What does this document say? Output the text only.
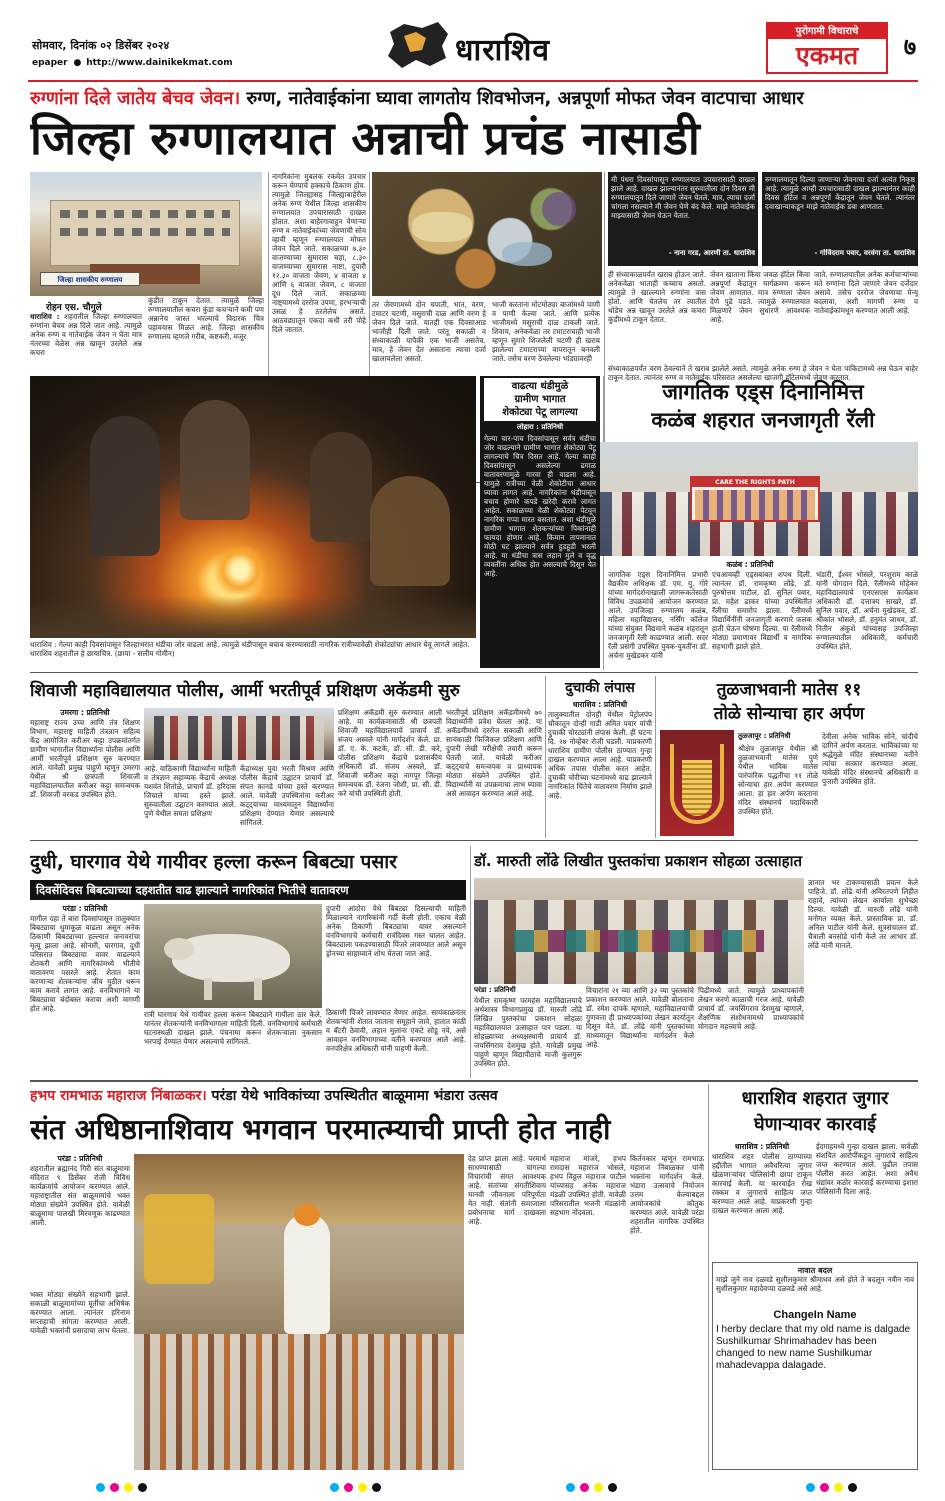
सोमवार, दिनांक ०२ डिसेंबर २०२४
epaper ● http://www.dainikekmat.com	धाराशिव
पुरोगामी विचाराचे
एकमत	७
रुग्णांना दिले जातेय बेचव जेवन। रुग्ण, नातेवाईकांना घ्यावा लागतोय शिवभोजन, अन्नपूर्णा मोफत जेवन वाटपाचा आधार
जिल्हा रुग्णालयात अन्नाची प्रचंड नासाडी
जिल्हा शासकीय रुग्णालय
नागरिकांना मुबलक रकमेत उपचार करून घेण्याचे हक्काचे ठिकाण होय. त्यामुळे जिल्ह्यासह जिल्ह्याबाहेरील अनेक रुग्ण येथील जिल्हा शासकीय रुग्णालयात उपचारासाठी दाखल होतात. अशा बाहेरगावाहून येणाऱ्या रुग्ण व नातेवाईकांच्या जेवणाची सोय व्हावी म्हणून रुग्णालयात मोफत जेवन दिले जाते. सकाळच्या ७.३० वाजण्याच्या सुमारास चहा, ८.३० वाजण्याच्या सुमारास नाष्टा, दुपारी १२.३० वाजता जेवण, ४ वाजता ४ आणि ६ वाजता जेवण, ८ वाजता दूध दिले जाते. सकाळच्या नाष्ट्यामध्ये दररोज उपमा, हरभऱ्याची उसळ हे ठरलेलेच असते. आठवड्यातून एकदा कधी तरी पोहे दिले जातात.
रोहन एस. चौगुले
धाराशिव : शहरातील जिल्हा रुग्णालयात रुग्णांना बेचव अन्न दिले जात आहे. त्यामुळे अनेक रुग्ण व नातेवाईक जेवन न घेता मात्र नंतरच्या वेळेस अन्न खावून उरलेले अन्न कचरा
कुंडीत टाकून देतात. त्यामुळे जिल्हा रुग्णालयातील कचरा कुंडा कचऱ्याने कमी पण अन्नानेच जास्त भरल्याचे विदारक चित्र पहावयास मिळत आहे. जिल्हा शासकीय रुग्णालय म्हणजे गरीब, कष्टकरी, मजूर
तर जेवणामध्ये दोन चपाती, भात, वरण, टमाटर चटणी, मसुराची दाळ आणि वरण हे जेवन दिले जाते. यातही एक दिवसाआड भाजीही दिली जाते. परंतू सकाळी व संध्याकाळी यापैकी एक भाजी असतेच. मात्र, हे जेवन देत असताना त्याचा दर्जा खालावलेला असतो.
भाजी करताना मोटमोठ्या बाजांमध्ये पाणी व पाणी केल्या जाते. आणि प्रत्येक भाजीमध्ये मसुराची दाळ टाकली जाते. शिवाय, अनेकवेळा तर टमाटराचाही भाजी म्हणून सुमारे शिजलेली चटणी ही खराब झालेल्या टमाटराच्या वापरातून बनवली जाते. तसेच वरण ठेवलेल्या भांड्यावरही
मी पंधरा दिवसांपासून रुग्णालयात उपचारासाठी दाखल झाले आहे. दाखल झाल्यानंतर सुरुवातीला दोन दिवस मी रुग्णालयातून दिले जाणारे जेवन घेतले. मात्र, त्याचा दर्जा चांगला नसल्याने मी जेवन घेणे बंद केले. माझे नातेवाईक माझ्यासाठी जेवन घेऊन येतात.
- नाना गरड, आरणी ता. धाराशिव
रुग्णालयातून दिल्या जाणाऱ्या जेवनाचा दर्जा अत्यंत निकृष्ठ आहे. त्यामुळे आम्ही उपचारासाठी दाखल झाल्यानंतर काही दिवस हॉटेल व अन्नपूर्णा केंद्रातून जेवन घेतले. त्यानंतर दवाखान्याकडून माझे नातेवाईक डबा आणतात.
- गोविंदराम पवार, वरवंगा ता. धाराशिव
ही संध्याकाळपर्यंत खराब होऊन जाते. अनेकवेळा भाताही कच्चाच असतो. त्यामुळे ते खाल्ल्याने रुग्णांना त्रास होतो. आणि घेतलेच तर त्यातील थोडेच अन्न खावून उरलेले अन्न कचरा कुंडीमध्ये टाकून देतात.
जेवन खाताना किंवा जवळ हॉटेल किंवा अन्नपूर्णा केंद्रातून मार्गक्रमण करून जेवण आणतात. मात्र रुग्णाला जेवन देणे पुढे पडते. त्यामुळे रुग्णालयात मिळणारे जेवन सुधारणे आवश्यक आहे.
जाते. रुग्णालयातील अनेक कर्मचाऱ्यांच्या मते रुग्णांना दिले जाणारे जेवन दर्जेदार असावे. तसेच दररोज जेवणाचा मेन्यू बदलावा, अशी मागणी रुग्ण व नातेवाईकांमधून करण्यात आली आहे.
संध्याकाळपर्यंत वरण ठेवल्याने ते खराब झालेले असते. त्यामुळे अनेक रुग्ण हे जेवन न घेता पाकिटामध्ये अन्न घेऊन बाहेर टाकून देतात. त्यानंतर रुग्ण व नातेवाईक परिसरात असलेल्या खाजगी हॉटेलमध्ये जेवण करतात.
धाराशिव : गेल्या काही दिवसांपासून जिल्हाभरात थंडीचा जोर वाढला आहे. त्यामुळे थंडीपासून बचाव करण्यासाठी नागरिक रात्रीच्यावेळी शेकोट्यांचा आधार घेवू लागले आहेत. धाराशिव शहरातील हे छायाचित्र. (छाया - सलीम गोमीन)
वाढत्या थंडीमुळे
ग्रामीण भागात
शेकोट्या पेटू लागल्या
लोहारा : प्रतिनिधी
गेल्या चार-पाच दिवसांपासून सर्वत्र थंडीचा जोर वाढल्याने ग्रामीण भागात शेकोट्या पेटू लागल्याचे चित्र दिसत आहे. गेल्या काही दिवसांपासून असलेल्या ढगाळ वातावरणामुळे गारवा ही वाढला आहे. यामुळे रात्रीच्या वेळी शेकोटीचा आधार घ्यावा लागत आहे. नागरिकांना थंडीपासून बचाव होणारे कपडे खरेदी करावे लागत आहेत. सकाळच्या वेळी शेकोट्या पेटवून नागरिक गप्पा मारत बसतात. अशा थंडीमुळे ग्रामीण भागात शेतकऱ्यांच्या पिकांनाही फायदा होणार आहे. किमान तापमानात मोठी घट झाल्याने सर्वत्र हुडहुडी भरली आहे. या थंडीचा त्रास लहान मुले व वृद्ध व्यक्तींना अधिक होत असल्याचे दिसून येत आहे.
जागतिक एड्स दिनानिमित्त
कळंब शहरात जनजागृती रॅली
CARE THE RIGHTS PATH
कळंब : प्रतिनिधी
जागतिक एड्स दिनानिमित्त प्रभारी वैद्यकीय अधिक्षक डॉ. एम. यु. गोरे यांच्या मार्गदर्शनाखाली जागरूकतेसाठी विविध उपक्रमांचे आयोजन करण्यात आले. उपजिल्हा रुग्णालय कळंब, महिला महाविद्यालय, नर्सिंग कॉलेज यांच्या संयुक्त विद्यमाने कळंब शहरातून जनजागृती रॅली काढण्यात आली. सदर रॅली प्रसंगी उपस्थित युवक-युवतींना डॉ. अर्चना मुखेडकर यांनी
एचआयव्ही एड्सबाबत शपथ दिली. त्यानंतर डॉ. रामकृष्ण लोंढे, डॉ. पुरुषोत्तम पाटील, डॉ. सुनिल पवार, प्रा. महेश ढाकर यांच्या उपस्थितीत रॅलीचा समारोप झाला. रॅलीमध्ये विद्यार्थिनींनी जनजागृती करणारे फलक हाती घेऊन घोषणा दिल्या. या रॅलीमध्ये मोठ्या प्रमाणावर विद्यार्थी व नागरिक सहभागी झाले होते.
भंडारी, ईश्वर भोसले, परशुराम काळे यांनी योगदान दिले. रॅलीमध्ये मोहेकर महाविद्यालयाचे एनएसएस कार्यक्रम अधिकारी डॉ. दत्तात्रय साखरे, डॉ. सुनिल पवार, डॉ. अर्चना मुखेडकर, डॉ. श्रीकांत भोसले, डॉ. हनुमंत जाधव, डॉ. नितीन अंकुशे यांच्यासह उपजिल्हा रुग्णालयातील अधिकारी, कर्मचारी उपस्थित होते.
शिवाजी महाविद्यालयात पोलीस, आर्मी भरतीपूर्व प्रशिक्षण अकॅडमी सुरु
उमरगा : प्रतिनिधी
महाराष्ट्र राज्य उच्च आणि तंत्र शिक्षण विभाग, महाराष्ट्र माहिती तंत्रज्ञान सहित्य केंद्र आयोजित करीअर कट्टा उपक्रमांतर्गत ग्रामीण भागातील विद्यार्थ्यांना पोलीस आणि आर्मी भरतीपूर्व प्रशिक्षण सुरु करण्यात आले. यावेळी प्रमुख पाहुणे म्हणून उमरगा येथील श्री छत्रपती शिवाजी महाविद्यालयातील करीअर कट्टा समन्वयक डॉ. शिवाजी वरकड उपस्थित होते.
आहे. याठिकाणी विद्यार्थ्यांना माहिती व तंत्रज्ञान सहाय्यक केंद्राचे अध्यक्ष यशवंत शितोळे, प्राचार्य डॉ. हरिदास जिचाले यांच्या हस्ते झाले. सुरुवातीला उद्घाटन करण्यात आले. पुणे येथील समता प्रशिक्षण
केंद्राध्यक्ष युवा भरती मिश्रण आणि पोलीस केंद्राचे उद्घाटन प्राचार्य डॉ. संपत कानडे यांच्या हस्ते करण्यात आले. यावेळी उपस्थितांना करीअर कट्ट्याच्या माध्यमातून विद्यार्थ्यांना प्रशिक्षण देण्यात येणार असल्याचे सांगितले.
प्रशिक्षण अकॅडमी सुरु करण्यात आली आहे. या कार्यक्रमासाठी श्री छत्रपती शिवाजी महाविद्यालयाचे प्राचार्य डॉ. संजय अस्वले यांनी मार्गदर्शन केले. प्रा. डॉ. ए. के. कटके, डॉ. सी. डी. करे, पोलीस प्रशिक्षण केंद्राचे प्रशासकीय अधिकारी डॉ. संजय अस्वले, डॉ. शिवाजी करीअर कट्टा नागपूर जिल्हा समन्वयक डॉ. रंजना जोशी, प्रा. सी. डी. करे यांची उपस्थिती होती.
भरतीपूर्व प्रशिक्षण अकॅडमीमध्ये ७० विद्यार्थ्यांनी प्रवेश घेतला आहे. या अकॅडमीमध्ये दररोज सकाळी आणि सायंकाळी फिजिकल प्रशिक्षण आणि दुपारी लेखी परीक्षेची तयारी करून घेतली जाते. यावेळी करीअर कट्ट्याचे समन्वयक व प्राध्यापक मोठ्या संख्येने उपस्थित होते. विद्यार्थ्यांनी या उपक्रमाचा लाभ घ्यावा असे आवाहन करण्यात आले आहे.
दुचाकी लंपास
धाराशिव : प्रतिनिधी
तालुक्यातील दोनही येथील पेट्रोलपंप चौकातून दोन्ही गाडी अमित पवार यांची दुचाकी चोरट्यांनी लंपास केली. ही घटना दि. २७ नोव्हेंबर रोजी घडली. याप्रकरणी धाराशिव ग्रामीण पोलीस ठाण्यात गुन्हा दाखल करण्यात आला आहे. याप्रकरणी अधिक तपास पोलीस करत आहेत. दुचाकी चोरीच्या घटनांमध्ये वाढ झाल्याने नागरिकांत चिंतेचे वातावरण निर्माण झाले आहे.
तुळजाभवानी मातेस ११
तोळे सोन्याचा हार अर्पण
तुळजापूर : प्रतिनिधी
श्रीक्षेत्र तुळजापूर येथील श्री तुळजाभवानी मातेस पुणे येथील भाविक मातेस पारंपारिक पद्धतीचा ११ तोळे सोन्याचा हार अर्पण करण्यात आला. हा हार अर्पण करताना मंदिर संस्थानचे पदाधिकारी उपस्थित होते.
देवीला अनेक भाविक सोने, चांदीचे दागिने अर्पण करतात. भाविकांच्या या श्रद्धेमुळे मंदिर संस्थानच्या वतीने त्यांचा सत्कार करण्यात आला. यावेळी मंदिर संस्थानचे अधिकारी व पुजारी उपस्थित होते.
दुधी, घारगाव येथे गायीवर हल्ला करून बिबट्या पसार
दिवसेंदिवस बिबट्याच्या दहशतीत वाढ झाल्याने नागरिकांत भितीचे वातावरण
परंडा : प्रतिनिधी
मागील दहा ते बारा दिवसांपासून तालुक्यात बिबट्याचा धुमाकूळ वाढला असून अनेक ठिकाणी बिबट्याच्या हल्ल्यात जनावरांचा मृत्यू झाला आहे. सोनारी, घारगाव, दुधी परिसरात बिबट्याचा वावर वाढल्याने शेतकरी आणि नागरिकांमध्ये भीतीचे वातावरण पसरले आहे. शेतात काम करणाऱ्या शेतकऱ्यांना जीव मुठीत धरून काम करावे लागत आहे. वनविभागाने या बिबट्याचा बंदोबस्त करावा अशी मागणी होत आहे.
रात्री घारगाव येथे गायीवर हल्ला करून बिबट्याने गायीला ठार केले. यानंतर शेतकऱ्यांनी वनविभागाला माहिती दिली. वनविभागाचे कर्मचारी घटनास्थळी दाखल झाले. पंचनामा करून शेतकऱ्याला नुकसान भरपाई देण्यात येणार असल्याचे सांगितले.
दुपारी आंदोरा येथे बिबट्या दिसल्याची माहिती मिळाल्याने नागरिकांनी गर्दी केली होती. एकाच वेळी अनेक ठिकाणी बिबट्याचा वावर असल्याने वनविभागाचे कर्मचारी रात्रंदिवस गस्त घालत आहेत. बिबट्याला पकडण्यासाठी पिंजरे लावण्यात आले असून ड्रोनच्या साहाय्याने शोध घेतला जात आहे.
ठिकाणी पिंजरे लावण्यात येणार आहेत. सायंकाळनंतर शेतकऱ्यांनी शेतात जाताना समूहाने जावे, हातात काठी व बॅटरी ठेवावी, लहान मुलांना एकटे सोडू नये, असे आवाहन वनविभागाच्या वतीने करण्यात आले आहे. वनपरिक्षेत्र अधिकारी यांनी पाहणी केली.

डॉ. मारुती लोंढे लिखीत पुस्तकांचा प्रकाशन सोहळा उत्साहात
ज्ञानात भर टाकण्यासाठी प्रयत्न केले पाहिजे. डॉ. लोंढे यांनी अविरतपणे लिहीत राहावे, त्यांच्या लेखन कार्याला शुभेच्छा दिल्या. यावेळी डॉ. मारुती लोंढे यांनी मनोगत व्यक्त केले. प्रास्ताविक प्रा. डॉ. अनिल पाटील यांनी केले. सूत्रसंचालन डॉ. चैत्राली बनसोडे यांनी केले तर आभार डॉ. लोंढे यांनी मानले.
परंडा : प्रतिनिधी
येथील रामकृष्ण परमहंस महाविद्यालयाचे अर्थशास्त्र विभागप्रमुख डॉ. मारुती लोंढे लिखित पुस्तकांचा प्रकाशन सोहळा महाविद्यालयात उत्साहात पार पडला. या सोहळ्याच्या अध्यक्षस्थानी प्राचार्य डॉ. जयसिंगराव देशमुख होते. यावेळी प्रमुख पाहुणे म्हणून विद्यापीठाचे माजी कुलगुरू उपस्थित होते.
विचारांना २१ व्या आणि ३२ व्या पुस्तकांचे प्रकाशन करण्यात आले. यावेळी बोलताना डॉ. रमेश दापके म्हणाले, महाविद्यालयाची गुणवत्ता ही प्राध्यापकांच्या लेखन कार्यातून दिसून येते. डॉ. लोंढे यांनी पुस्तकांच्या माध्यमातून विद्यार्थ्यांना मार्गदर्शन केले आहे.
पिढीमध्ये जाते. त्यामुळे प्राध्यापकांनी लेखन करणे काळाची गरज आहे. यावेळी प्राचार्य डॉ. जयसिंगराव देशमुख म्हणाले, शैक्षणिक संशोधनामध्ये प्राध्यापकांचे योगदान महत्त्वाचे आहे.
हभप रामभाऊ महाराज निंबाळकर। परंडा येथे भाविकांच्या उपस्थितीत बाळूमामा भंडारा उत्सव
संत अधिष्ठानाशिवाय भगवान परमात्म्याची प्राप्ती होत नाही
परंडा : प्रतिनिधी
शहरातील ब्रह्मानंद गिरी संत बाळूमामा मंदिरात ९ डिसेंबर रोजी विविध कार्यक्रमांचे आयोजन करण्यात आले. महाराष्ट्रातील संत बाळूमामांचे भक्त मोठ्या संख्येने उपस्थित होते. यावेळी बाळूमामा पालखी मिरवणूक काढण्यात आली.
भक्त मोठ्या संख्येने सहभागी झाले. सकाळी बाळूमामांच्या मूर्तीचा अभिषेक करण्यात आला. त्यानंतर हरिनाम सप्ताहाची सांगता करण्यात आली. यावेळी भक्तांनी प्रसादाचा लाभ घेतला.
देह प्राप्त झाला आहे. परमार्थ साधण्यासाठी चांगल्या विचारांची संगत आवश्यक आहे. संतांच्या संगतीशिवाय मानवी जीवनाला परिपूर्णता येत नाही. संतांनी समाजाला प्रबोधनाचा मार्ग दाखवला आहे.
महाराज मांजरे, हभप रामदास महाराज भोसले, हभप विठ्ठल महाराज पाटील यांच्यासह अनेक महाराज मंडळी उपस्थित होती. यावेळी परिसरातील भजनी मंडळांनी सहभाग नोंदवला.
किर्तनकार म्हणून रामभाऊ महाराज निंबाळकर यांनी भक्तांना मार्गदर्शन केले. भंडारा उत्सवाचे नियोजन उत्तम केल्याबद्दल आयोजकांचे कौतुक करण्यात आले. यावेळी परंडा शहरातील नागरिक उपस्थित होते.
धाराशिव शहरात जुगार
घेणाऱ्यावर कारवाई
धाराशिव : प्रतिनिधी
धाराशिव शहर पोलीस ठाण्याच्या हद्दीतील भागात अवैधरित्या जुगार खेळणाऱ्यांवर पोलिसांनी छापा टाकून कारवाई केली. या कारवाईत रोख रक्कम व जुगाराचे साहित्य जप्त करण्यात आले आहे. याप्रकरणी गुन्हा दाखल करण्यात आला आहे.
ईदगाहमध्ये गुन्हा दाखल झाला. यावेळी संशयित आरोपींकडून जुगाराचे साहित्य जप्त करण्यात आले. पुढील तपास पोलीस करत आहेत. अशा अवैध धंद्यांवर कठोर कारवाई करण्याचा इशारा पोलिसांनी दिला आहे.
नावात बदल
माझे जुने नाव दळवडे सुशीलकुमार श्रीमाधव असे होते ते बदलून नवीन नाव सुशीलकुमार महादेवप्पा दळवडे असे आहे.
ChangeIn Name
I herby declare that my old name is dalgade Sushilkumar Shrimahadev has been changed to new name Sushilkumar mahadevappa dalagade.
